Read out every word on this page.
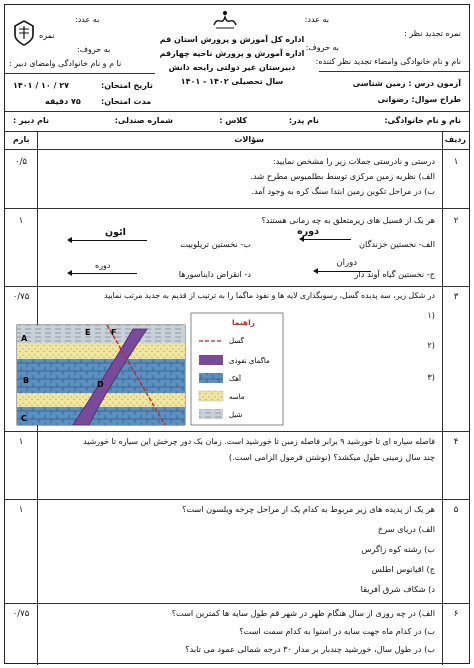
به عدد:
نمره تجدید نظر :
به حروف:
نام و نام خانوادگی وامضاء تجدید نظر کننده:
آزمون درس : زمین شناسی
طراح سوال: رضوانی
اداره کل آموزش و پرورش استان قم
اداره آموزش و پرورش ناحیه چهارقم
دبیرستان غیر دولتی رایحه دانش
سال تحصیلی ۱۴۰۲ - ۱۴۰۱
به عدد:
نمره
به حروف:
نا م و نام خانوادگی وامضای دبیر :
تاریخ امتحان:
۲۷ / ۱۰ / ۱۴۰۱
مدت امتحان:
۷۵ دقیقه
نام و نام خانوادگی:
نام پدر:
کلاس :
شماره صندلی:
نام دبیر :
ردیف
سؤالات
بارم
۱
۰/۵	درستی و نادرستی جملات زیر را مشخص نمایید:
الف) نظریه زمین مرکزی توسط بطلمیوس مطرح شد.
ب) در مراحل تکوین زمین ابتدا سنگ کره به وجود آمد.
۲
۱	هر یک از فسیل های زیرمتعلق به چه زمانی هستند؟
الف- نخستین خزندگان
ب- نخستین تریلوبیت
ج- نخستین گیاه آوند دار
د- انقراض دایناسورها
دوره
ائون
دوران
دوره
۳
۰/۷۵	در شکل زیر، سه پدیده گسل، رسوبگذاری لایه ها و نفوذ ماگما را به ترتیب از قدیم به جدید مرتب نمایید
(۱
(۲
(۳
A
B
C
D
E	F
راهنما
گسل
ماگمای نفوذی
آهک
ماسه
شیل
۴
۱	فاصله سیاره ای تا خورشید ۹ برابر فاصله زمین تا خورشید است. زمان یک دور چرخش این سیاره تا خورشید
چند سال زمینی طول میکشد؟ (نوشتن فرمول الزامی است.)
۵
۱	هر یک از پدیده های زیر مربوط به کدام یک از مراحل چرخه ویلسون است؟
الف) دریای سرخ
ب) رشته کوه زاگرس
ج) اقیانوس اطلس
د) شکاف شرق آفریقا
۶
۰/۷۵	الف) در چه روزی از سال هنگام ظهر در شهر قم طول سایه ها کمترین است؟
ب) در کدام ماه جهت سایه در استوا به کدام سمت است؟
ب) در طول سال، خورشید چندبار بر مدار ۳۰ درجه شمالی عمود می تابد؟
